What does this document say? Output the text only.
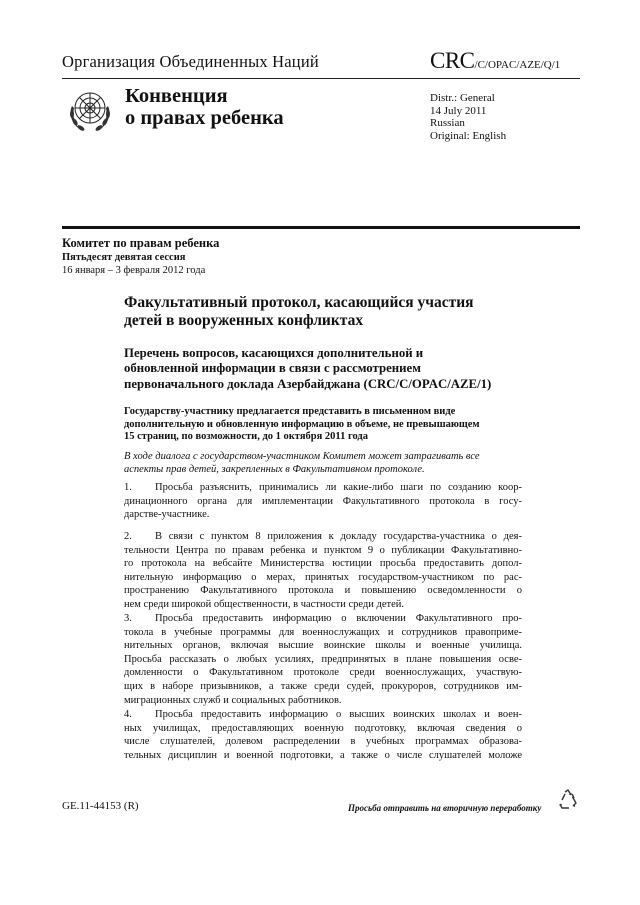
Организация Объединенных Наций	CRC/C/OPAC/AZE/Q/1
Конвенция
о правах ребенка
Distr.: General
14 July 2011
Russian
Original: English
Комитет по правам ребенка
Пятьдесят девятая сессия
16 января – 3 февраля 2012 года
Факультативный протокол, касающийся участия
детей в вооруженных конфликтах
Перечень вопросов, касающихся дополнительной и
обновленной информации в связи с рассмотрением
первоначального доклада Азербайджана (CRC/C/OPAC/AZE/1)
Государству-участнику предлагается представить в письменном виде
дополнительную и обновленную информацию в объеме, не превышающем
15 страниц, по возможности, до 1 октября 2011 года
В ходе диалога с государством-участником Комитет может затрагивать все
аспекты прав детей, закрепленных в Факультативном протоколе.
1. Просьба разъяснить, принимались ли какие-либо шаги по созданию коор-
динационного органа для имплементации Факультативного протокола в госу-
дарстве-участнике.
2. В связи с пунктом 8 приложения к докладу государства-участника о дея-
тельности Центра по правам ребенка и пунктом 9 о публикации Факультативно-
го протокола на вебсайте Министерства юстиции просьба предоставить допол-
нительную информацию о мерах, принятых государством-участником по рас-
пространению Факультативного протокола и повышению осведомленности о
нем среди широкой общественности, в частности среди детей.
3. Просьба предоставить информацию о включении Факультативного про-
токола в учебные программы для военнослужащих и сотрудников правоприме-
нительных органов, включая высшие воинские школы и военные училища.
Просьба рассказать о любых усилиях, предпринятых в плане повышения осве-
домленности о Факультативном протоколе среди военнослужащих, участвую-
щих в наборе призывников, а также среди судей, прокуроров, сотрудников им-
миграционных служб и социальных работников.
4. Просьба предоставить информацию о высших воинских школах и воен-
ных училищах, предоставляющих военную подготовку, включая сведения о
числе слушателей, долевом распределении в учебных программах образова-
тельных дисциплин и военной подготовки, а также о числе слушателей моложе
GE.11-44153 (R)	Просьба отправить на вторичную переработку
